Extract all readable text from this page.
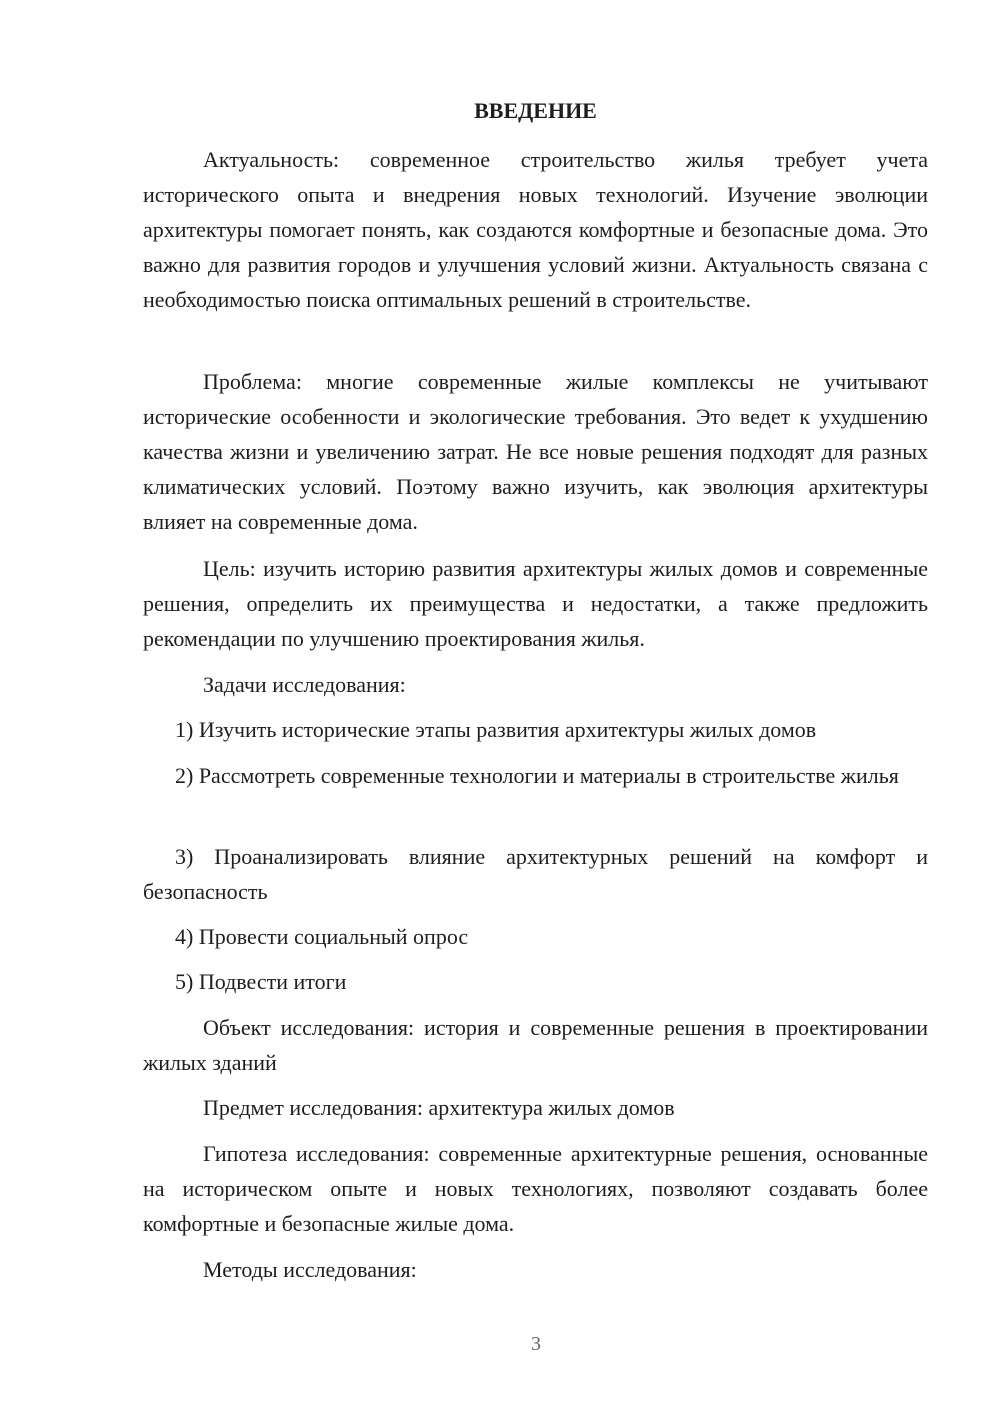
ВВЕДЕНИЕ

Актуальность: современное строительство жилья требует учета исторического опыта и внедрения новых технологий. Изучение эволюции архитектуры помогает понять, как создаются комфортные и безопасные дома. Это важно для развития городов и улучшения условий жизни. Актуальность связана с необходимостью поиска оптимальных решений в строительстве.

Проблема: многие современные жилые комплексы не учитывают исторические особенности и экологические требования. Это ведет к ухудшению качества жизни и увеличению затрат. Не все новые решения подходят для разных климатических условий. Поэтому важно изучить, как эволюция архитектуры влияет на современные дома.

Цель: изучить историю развития архитектуры жилых домов и современные решения, определить их преимущества и недостатки, а также предложить рекомендации по улучшению проектирования жилья.

Задачи исследования:

1) Изучить исторические этапы развития архитектуры жилых домов

2) Рассмотреть современные технологии и материалы в строительстве жилья

3) Проанализировать влияние архитектурных решений на комфорт и безопасность

4) Провести социальный опрос

5) Подвести итоги

Объект исследования: история и современные решения в проектировании жилых зданий

Предмет исследования: архитектура жилых домов

Гипотеза исследования: современные архитектурные решения, основанные на историческом опыте и новых технологиях, позволяют создавать более комфортные и безопасные жилые дома.

Методы исследования:

3
